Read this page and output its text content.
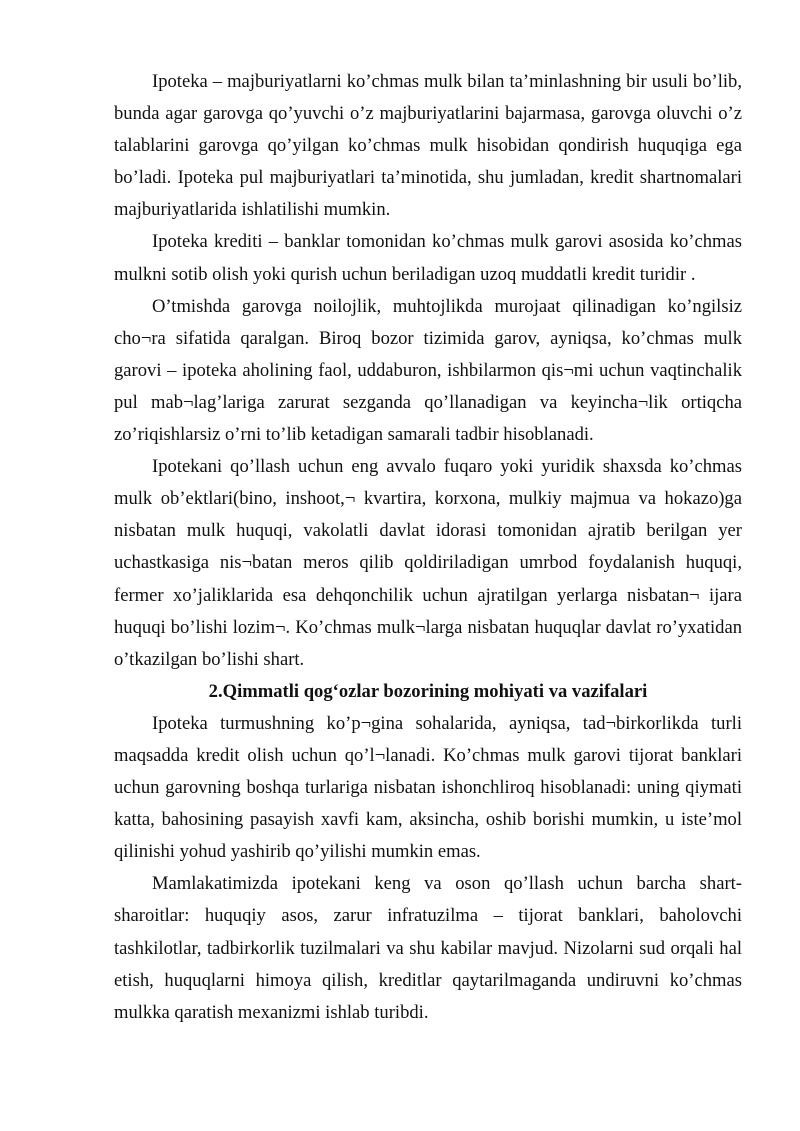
Ipoteka – majburiyatlarni ko’chmas mulk bilan ta’minlashning bir usuli bo’lib, bunda agar garovga qo’yuvchi o’z majburiyatlarini bajarmasa, garovga oluvchi o’z talablarini garovga qo’yilgan ko’chmas mulk hisobidan qondirish huquqiga ega bo’ladi. Ipoteka pul majburiyatlari ta’minotida, shu jumladan, kredit shartnomalari majburiyatlarida ishlatilishi mumkin.

Ipoteka krediti – banklar tomonidan ko’chmas mulk garovi asosida ko’chmas mulkni sotib olish yoki qurish uchun beriladigan uzoq muddatli kredit turidir .

O’tmishda garovga noilojlik, muhtojlikda murojaat qilinadigan ko’ngilsiz cho¬ra sifatida qaralgan. Biroq bozor tizimida garov, ayniqsa, ko’chmas mulk garovi – ipoteka aholining faol, uddaburon, ishbilarmon qis¬mi uchun vaqtinchalik pul mab¬lag’lariga zarurat sezganda qo’llanadigan va keyincha¬lik ortiqcha zo’riqishlarsiz o’rni to’lib ketadigan samarali tadbir hisoblanadi.

Ipotekani qo’llash uchun eng avvalo fuqaro yoki yuridik shaxsda ko’chmas mulk ob’ektlari(bino, inshoot,¬ kvartira, korxona, mulkiy majmua va hokazo)ga nisbatan mulk huquqi, vakolatli davlat idorasi tomonidan ajratib berilgan yer uchastkasiga nis¬batan meros qilib qoldiriladigan umrbod foydalanish huquqi, fermer xo’jaliklarida esa dehqonchilik uchun ajratilgan yerlarga nisbatan¬ ijara huquqi bo’lishi lozim¬. Ko’chmas mulk¬larga nisbatan huquqlar davlat ro’yxatidan o’tkazilgan bo’lishi shart.

2.Qimmatli qog‘ozlar bozorining mohiyati va vazifalari

Ipoteka turmushning ko’p¬gina sohalarida, ayniqsa, tad¬birkorlikda turli maqsadda kredit olish uchun qo’l¬lanadi. Ko’chmas mulk garovi tijorat banklari uchun garovning boshqa turlariga nisbatan ishonchliroq hisoblanadi: uning qiymati katta, bahosining pasayish xavfi kam, aksincha, oshib borishi mumkin, u iste’mol qilinishi yohud yashirib qo’yilishi mumkin emas.

Mamlakatimizda ipotekani keng va oson qo’llash uchun barcha shart-sharoitlar: huquqiy asos, zarur infratuzilma – tijorat banklari, baholovchi tashkilotlar, tadbirkorlik tuzilmalari va shu kabilar mavjud. Nizolarni sud orqali hal etish, huquqlarni himoya qilish, kreditlar qaytarilmaganda undiruvni ko’chmas mulkka qaratish mexanizmi ishlab turibdi.
